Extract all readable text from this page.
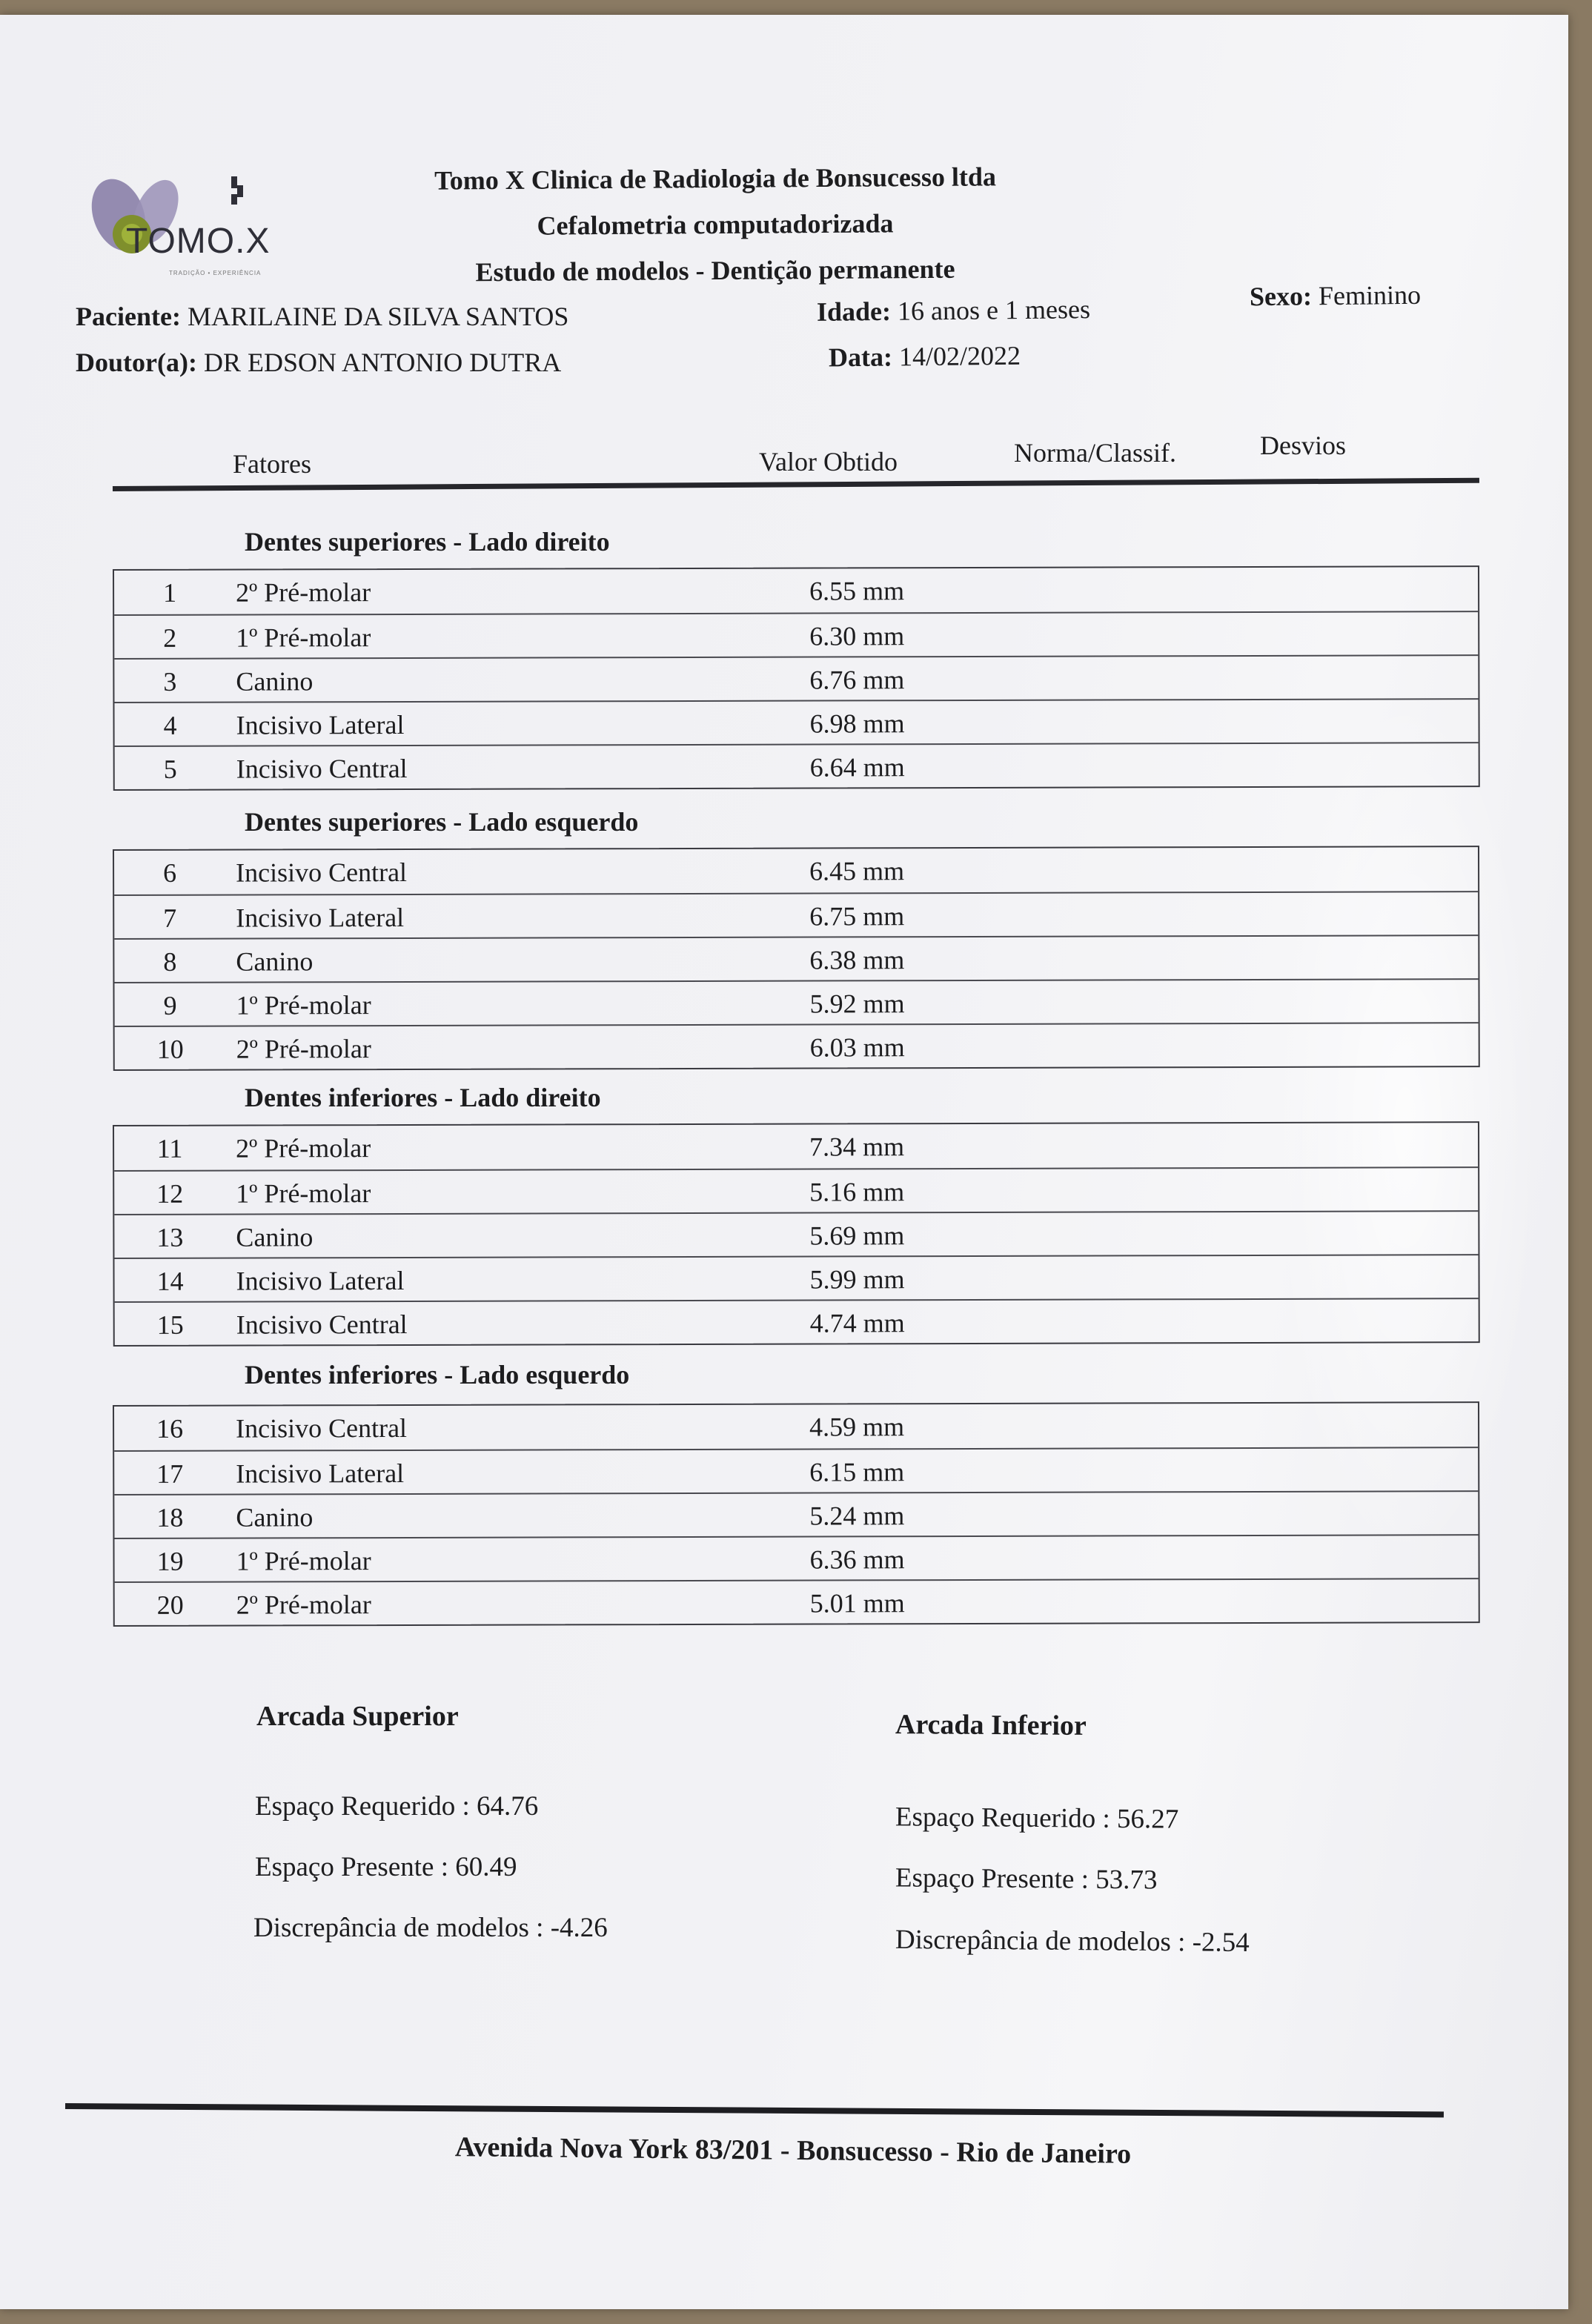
TOMO.X
TRADIÇÃO • EXPERIÊNCIA
Tomo X Clinica de Radiologia de Bonsucesso ltda
Cefalometria computadorizada
Estudo de modelos - Dentição permanente
Paciente: MARILAINE DA SILVA SANTOS	Idade: 16 anos e 1 meses	Sexo: Feminino
Doutor(a): DR EDSON ANTONIO DUTRA	Data: 14/02/2022
Fatores	Valor Obtido	Norma/Classif.	Desvios
Dentes superiores - Lado direito
1	2º Pré-molar	6.55 mm
2	1º Pré-molar	6.30 mm
3	Canino	6.76 mm
4	Incisivo Lateral	6.98 mm
5	Incisivo Central	6.64 mm
Dentes superiores - Lado esquerdo
6	Incisivo Central	6.45 mm
7	Incisivo Lateral	6.75 mm
8	Canino	6.38 mm
9	1º Pré-molar	5.92 mm
10	2º Pré-molar	6.03 mm
Dentes inferiores - Lado direito
11	2º Pré-molar	7.34 mm
12	1º Pré-molar	5.16 mm
13	Canino	5.69 mm
14	Incisivo Lateral	5.99 mm
15	Incisivo Central	4.74 mm
Dentes inferiores - Lado esquerdo
16	Incisivo Central	4.59 mm
17	Incisivo Lateral	6.15 mm
18	Canino	5.24 mm
19	1º Pré-molar	6.36 mm
20	2º Pré-molar	5.01 mm
Arcada Superior
Espaço Requerido : 64.76
Espaço Presente : 60.49
Discrepância de modelos : -4.26
Arcada Inferior
Espaço Requerido : 56.27
Espaço Presente : 53.73
Discrepância de modelos : -2.54
Avenida Nova York 83/201 - Bonsucesso - Rio de Janeiro
